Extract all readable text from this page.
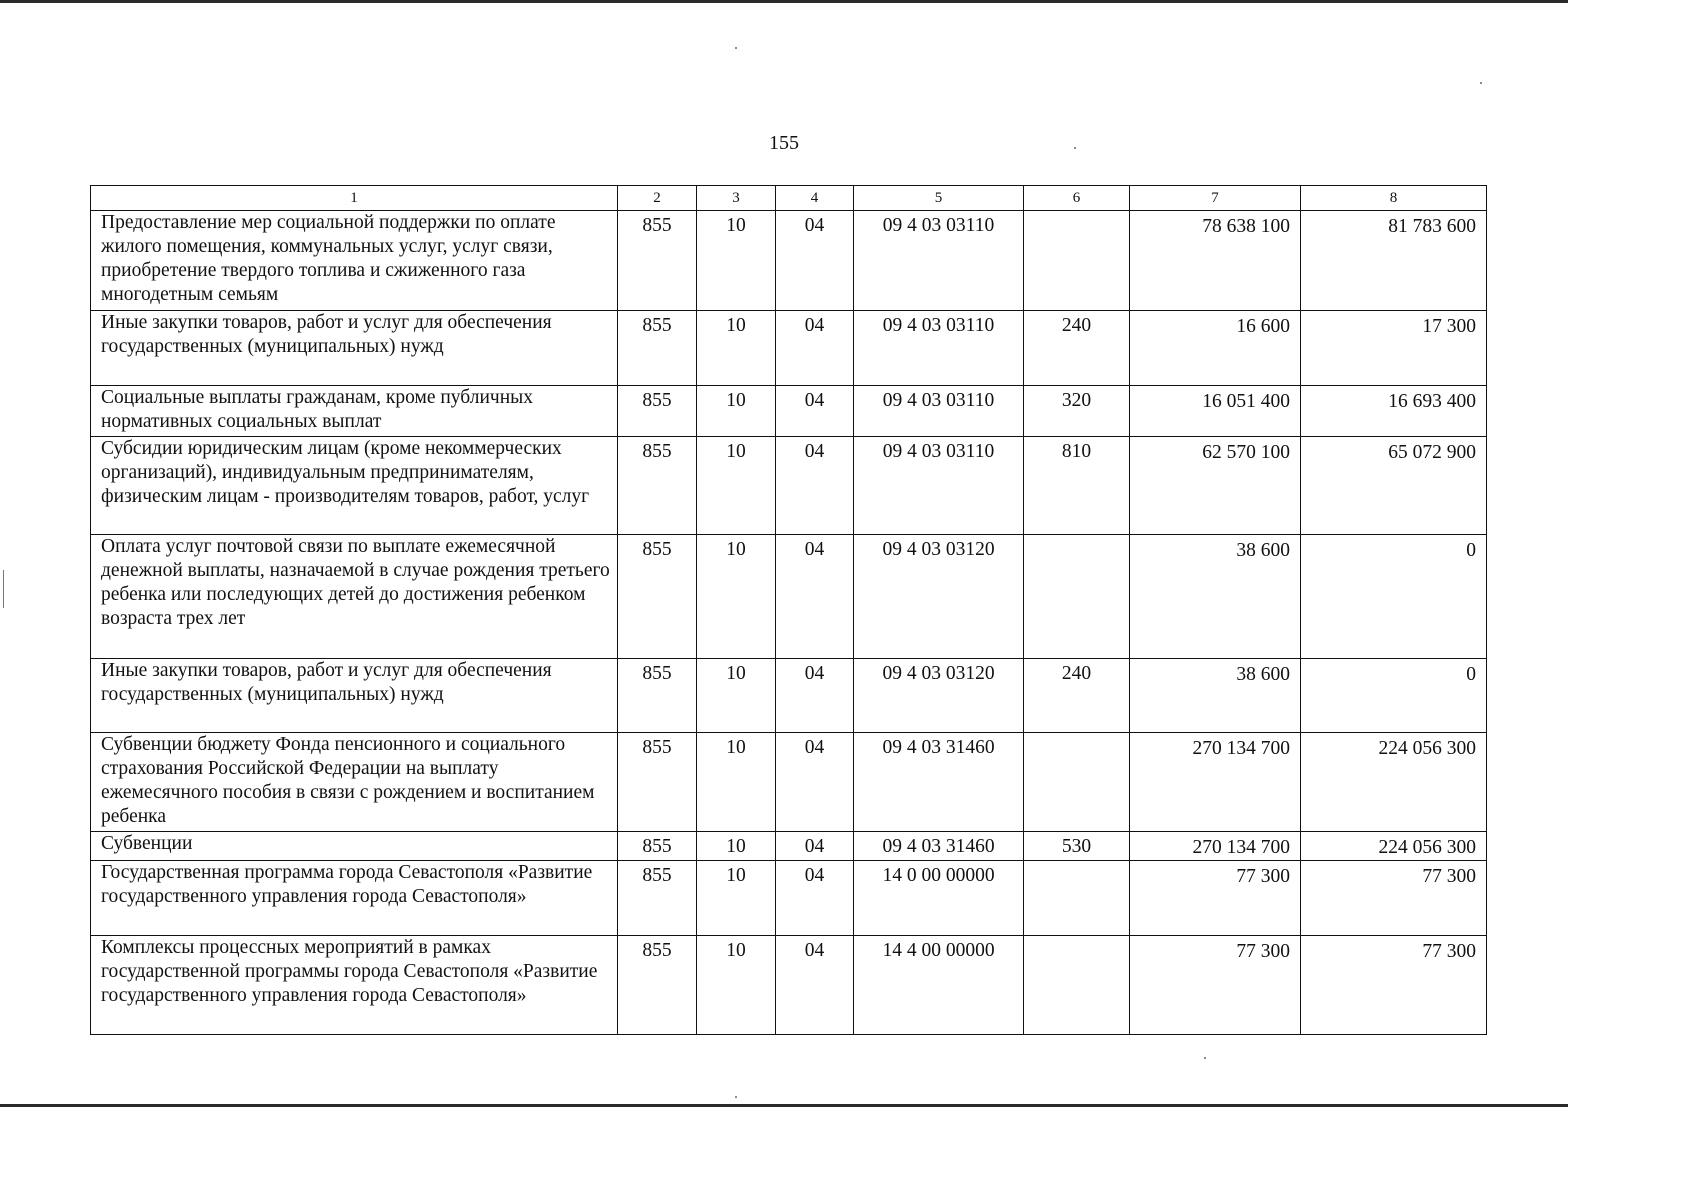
155
1	2	3	4	5	6	7	8
Предоставление мер социальной поддержки по оплате жилого помещения, коммунальных услуг, услуг связи, приобретение твердого топлива и сжиженного газа многодетным семьям	855	10	04	09 4 03 03110		78 638 100	81 783 600
Иные закупки товаров, работ и услуг для обеспечения государственных (муниципальных) нужд	855	10	04	09 4 03 03110	240	16 600	17 300
Социальные выплаты гражданам, кроме публичных нормативных социальных выплат	855	10	04	09 4 03 03110	320	16 051 400	16 693 400
Субсидии юридическим лицам (кроме некоммерческих организаций), индивидуальным предпринимателям, физическим лицам - производителям товаров, работ, услуг	855	10	04	09 4 03 03110	810	62 570 100	65 072 900
Оплата услуг почтовой связи по выплате ежемесячной денежной выплаты, назначаемой в случае рождения третьего ребенка или последующих детей до достижения ребенком возраста трех лет	855	10	04	09 4 03 03120		38 600	0
Иные закупки товаров, работ и услуг для обеспечения государственных (муниципальных) нужд	855	10	04	09 4 03 03120	240	38 600	0
Субвенции бюджету Фонда пенсионного и социального страхования Российской Федерации на выплату ежемесячного пособия в связи с рождением и воспитанием ребенка	855	10	04	09 4 03 31460		270 134 700	224 056 300
Субвенции	855	10	04	09 4 03 31460	530	270 134 700	224 056 300
Государственная программа города Севастополя «Развитие государственного управления города Севастополя»	855	10	04	14 0 00 00000		77 300	77 300
Комплексы процессных мероприятий в рамках государственной программы города Севастополя «Развитие государственного управления города Севастополя»	855	10	04	14 4 00 00000		77 300	77 300
